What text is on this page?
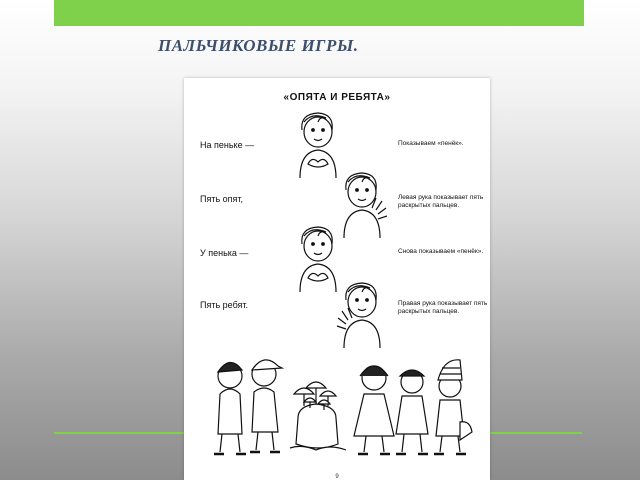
ПАЛЬЧИКОВЫЕ ИГРЫ.
«ОПЯТА И РЕБЯТА»
На пеньке —	Показываем «пенёк».
Пять опят,	Левая рука показывает пять раскрытых пальцев.
У пенька —	Снова показываем «пенёк».
Пять ребят.	Правая рука показывает пять раскрытых пальцев.
9
